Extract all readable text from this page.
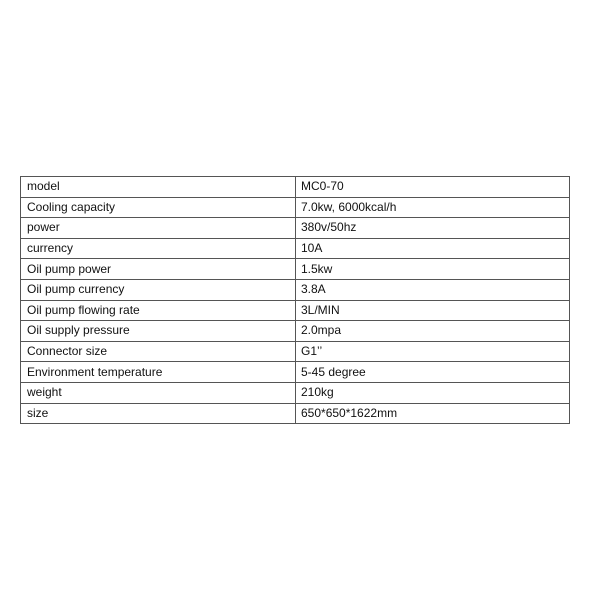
model	MC0-70
Cooling capacity	7.0kw, 6000kcal/h
power	380v/50hz
currency	10A
Oil pump power	1.5kw
Oil pump currency	3.8A
Oil pump flowing rate	3L/MIN
Oil supply pressure	2.0mpa
Connector size	G1’’
Environment temperature	5-45 degree
weight	210kg
size	650*650*1622mm
